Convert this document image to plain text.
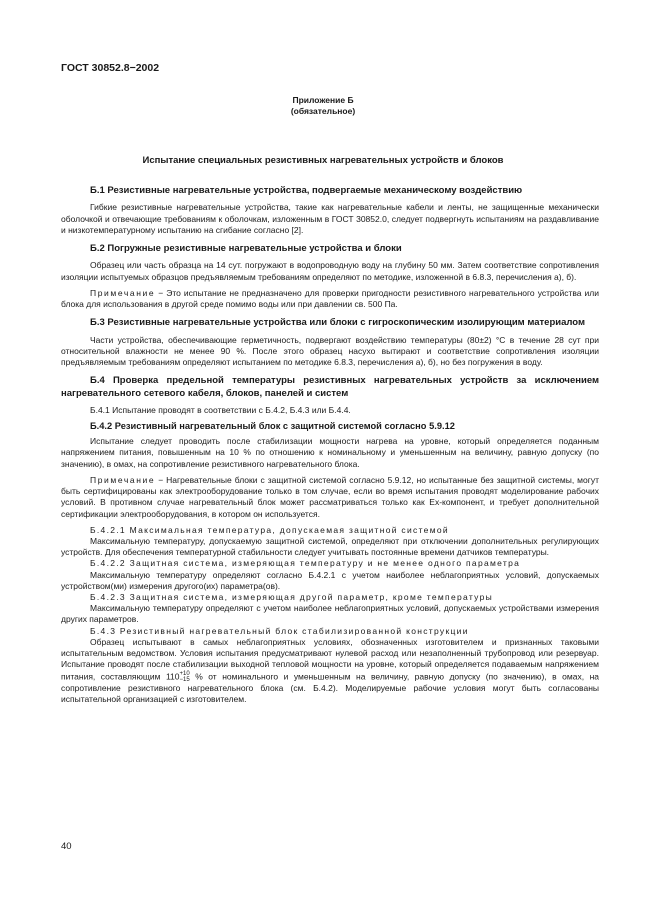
ГОСТ 30852.8−2002
Приложение Б
(обязательное)
Испытание специальных резистивных нагревательных устройств и блоков
Б.1 Резистивные нагревательные устройства, подвергаемые механическому воздействию

Гибкие резистивные нагревательные устройства, такие как нагревательные кабели и ленты, не защищенные механически оболочкой и отвечающие требованиям к оболочкам, изложенным в ГОСТ 30852.0, следует подвергнуть испытаниям на раздавливание и низкотемпературному испытанию на сгибание согласно [2].

Б.2 Погружные резистивные нагревательные устройства и блоки

Образец или часть образца на 14 сут. погружают в водопроводную воду на глубину 50 мм. Затем соответствие сопротивления изоляции испытуемых образцов предъявляемым требованиям определяют по методике, изложенной в 6.8.3, перечисления а), б).

Примечание − Это испытание не предназначено для проверки пригодности резистивного нагревательного устройства или блока для использования в другой среде помимо воды или при давлении св. 500 Па.

Б.3 Резистивные нагревательные устройства или блоки с гигроскопическим изолирующим материалом

Части устройства, обеспечивающие герметичность, подвергают воздействию температуры (80±2) °С в течение 28 сут при относительной влажности не менее 90 %. После этого образец насухо вытирают и соответствие сопротивления изоляции предъявляемым требованиям определяют испытанием по методике 6.8.3, перечисления а), б), но без погружения в воду.

Б.4 Проверка предельной температуры резистивных нагревательных устройств за исключением нагревательного сетевого кабеля, блоков, панелей и систем

Б.4.1 Испытание проводят в соответствии с Б.4.2, Б.4.3 или Б.4.4.

Б.4.2 Резистивный нагревательный блок с защитной системой согласно 5.9.12

Испытание следует проводить после стабилизации мощности нагрева на уровне, который определяется поданным напряжением питания, повышенным на 10 % по отношению к номинальному и уменьшенным на величину, равную допуску (по значению), в омах, на сопротивление резистивного нагревательного блока.

Примечание − Нагревательные блоки с защитной системой согласно 5.9.12, но испытанные без защитной системы, могут быть сертифицированы как электрооборудование только в том случае, если во время испытания проводят моделирование рабочих условий. В противном случае нагревательный блок может рассматриваться только как Ех-компонент, и требует дополнительной сертификации электрооборудования, в котором он используется.

Б.4.2.1 Максимальная температура, допускаемая защитной системой

Максимальную температуру, допускаемую защитной системой, определяют при отключении дополнительных регулирующих устройств. Для обеспечения температурной стабильности следует учитывать постоянные времени датчиков температуры.

Б.4.2.2 Защитная система, измеряющая температуру и не менее одного параметра

Максимальную температуру определяют согласно Б.4.2.1 с учетом наиболее неблагоприятных условий, допускаемых устройством(ми) измерения другого(их) параметра(ов).

Б.4.2.3 Защитная система, измеряющая другой параметр, кроме температуры

Максимальную температуру определяют с учетом наиболее неблагоприятных условий, допускаемых устройствами измерения других параметров.

Б.4.3 Резистивный нагревательный блок стабилизированной конструкции

Образец испытывают в самых неблагоприятных условиях, обозначенных изготовителем и признанных таковыми испытательным ведомством. Условия испытания предусматривают нулевой расход или незаполненный трубопровод или резервуар. Испытание проводят после стабилизации выходной тепловой мощности на уровне, который определяется подаваемым напряжением питания, составляющим 110 +10
−15 % от номинального и уменьшенным на величину, равную допуску (по значению), в омах, на сопротивление резистивного нагревательного блока (см. Б.4.2). Моделируемые рабочие условия могут быть согласованы испытательной организацией с изготовителем.

40
